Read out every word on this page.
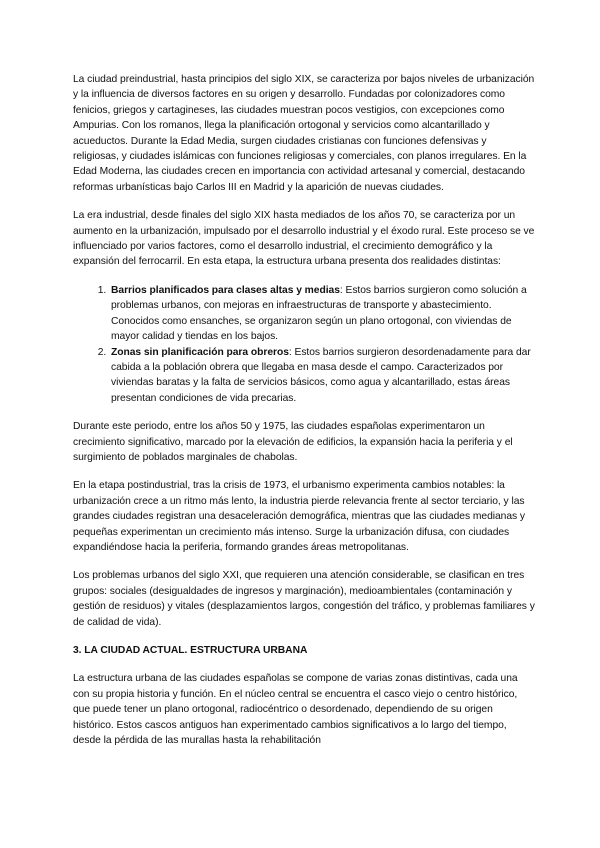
La ciudad preindustrial, hasta principios del siglo XIX, se caracteriza por bajos niveles de urbanización y la influencia de diversos factores en su origen y desarrollo. Fundadas por colonizadores como fenicios, griegos y cartagineses, las ciudades muestran pocos vestigios, con excepciones como Ampurias. Con los romanos, llega la planificación ortogonal y servicios como alcantarillado y acueductos. Durante la Edad Media, surgen ciudades cristianas con funciones defensivas y religiosas, y ciudades islámicas con funciones religiosas y comerciales, con planos irregulares. En la Edad Moderna, las ciudades crecen en importancia con actividad artesanal y comercial, destacando reformas urbanísticas bajo Carlos III en Madrid y la aparición de nuevas ciudades.

La era industrial, desde finales del siglo XIX hasta mediados de los años 70, se caracteriza por un aumento en la urbanización, impulsado por el desarrollo industrial y el éxodo rural. Este proceso se ve influenciado por varios factores, como el desarrollo industrial, el crecimiento demográfico y la expansión del ferrocarril. En esta etapa, la estructura urbana presenta dos realidades distintas:

1. Barrios planificados para clases altas y medias: Estos barrios surgieron como solución a problemas urbanos, con mejoras en infraestructuras de transporte y abastecimiento. Conocidos como ensanches, se organizaron según un plano ortogonal, con viviendas de mayor calidad y tiendas en los bajos.
2. Zonas sin planificación para obreros: Estos barrios surgieron desordenadamente para dar cabida a la población obrera que llegaba en masa desde el campo. Caracterizados por viviendas baratas y la falta de servicios básicos, como agua y alcantarillado, estas áreas presentan condiciones de vida precarias.

Durante este periodo, entre los años 50 y 1975, las ciudades españolas experimentaron un crecimiento significativo, marcado por la elevación de edificios, la expansión hacia la periferia y el surgimiento de poblados marginales de chabolas.

En la etapa postindustrial, tras la crisis de 1973, el urbanismo experimenta cambios notables: la urbanización crece a un ritmo más lento, la industria pierde relevancia frente al sector terciario, y las grandes ciudades registran una desaceleración demográfica, mientras que las ciudades medianas y pequeñas experimentan un crecimiento más intenso. Surge la urbanización difusa, con ciudades expandiéndose hacia la periferia, formando grandes áreas metropolitanas.

Los problemas urbanos del siglo XXI, que requieren una atención considerable, se clasifican en tres grupos: sociales (desigualdades de ingresos y marginación), medioambientales (contaminación y gestión de residuos) y vitales (desplazamientos largos, congestión del tráfico, y problemas familiares y de calidad de vida).

3. LA CIUDAD ACTUAL. ESTRUCTURA URBANA

La estructura urbana de las ciudades españolas se compone de varias zonas distintivas, cada una con su propia historia y función. En el núcleo central se encuentra el casco viejo o centro histórico, que puede tener un plano ortogonal, radiocéntrico o desordenado, dependiendo de su origen histórico. Estos cascos antiguos han experimentado cambios significativos a lo largo del tiempo, desde la pérdida de las murallas hasta la rehabilitación
